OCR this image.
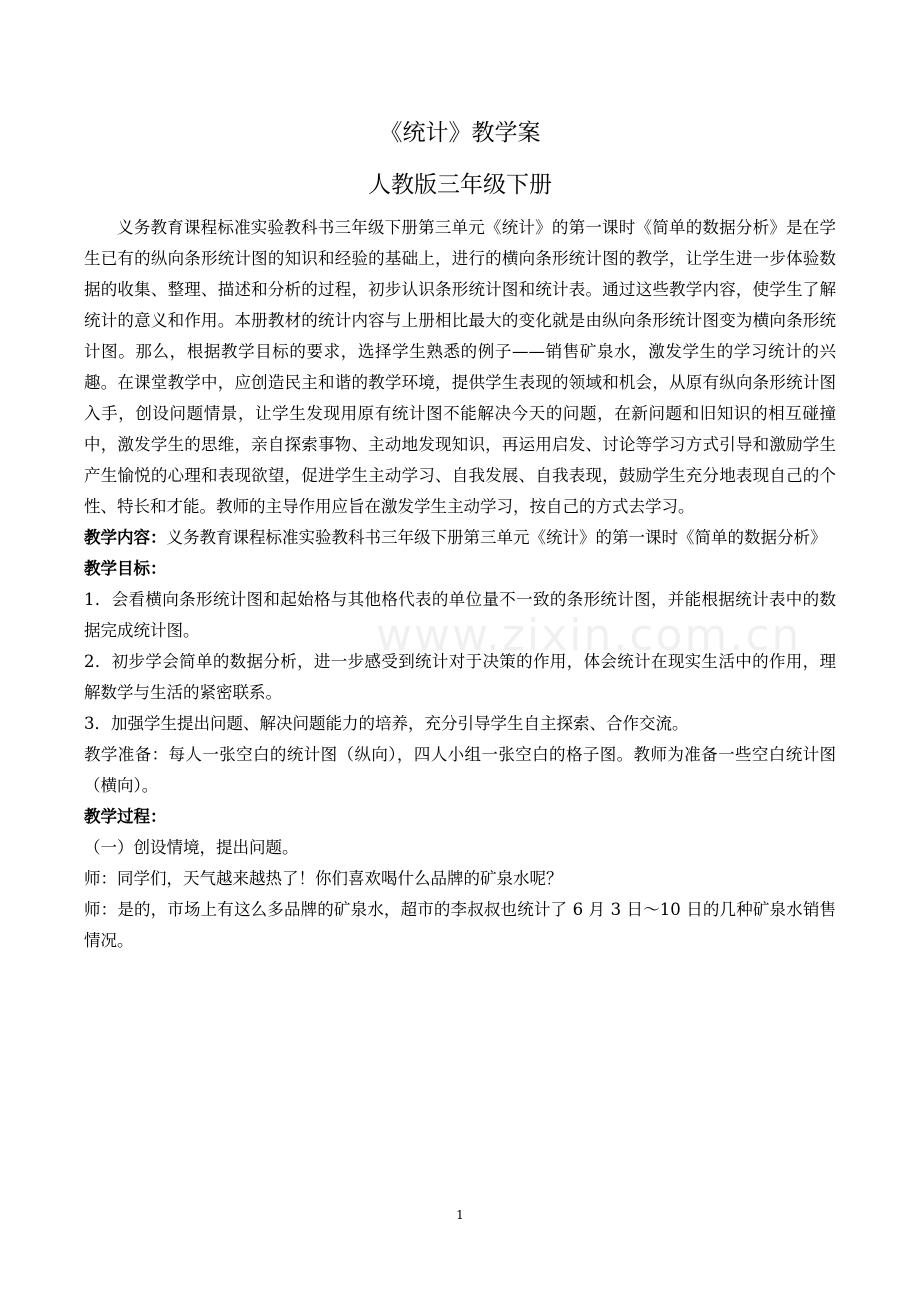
《统计》教学案
人教版三年级下册

义务教育课程标准实验教科书三年级下册第三单元《统计》的第一课时《简单的数据分析》是在学生已有的纵向条形统计图的知识和经验的基础上，进行的横向条形统计图的教学，让学生进一步体验数据的收集、整理、描述和分析的过程，初步认识条形统计图和统计表。通过这些教学内容，使学生了解统计的意义和作用。本册教材的统计内容与上册相比最大的变化就是由纵向条形统计图变为横向条形统计图。那么，根据教学目标的要求，选择学生熟悉的例子——销售矿泉水，激发学生的学习统计的兴趣。在课堂教学中，应创造民主和谐的教学环境，提供学生表现的领域和机会，从原有纵向条形统计图入手，创设问题情景，让学生发现用原有统计图不能解决今天的问题，在新问题和旧知识的相互碰撞中，激发学生的思维，亲自探索事物、主动地发现知识，再运用启发、讨论等学习方式引导和激励学生产生愉悦的心理和表现欲望，促进学生主动学习、自我发展、自我表现，鼓励学生充分地表现自己的个性、特长和才能。教师的主导作用应旨在激发学生主动学习，按自己的方式去学习。

教学内容：义务教育课程标准实验教科书三年级下册第三单元《统计》的第一课时《简单的数据分析》

教学目标：

1．会看横向条形统计图和起始格与其他格代表的单位量不一致的条形统计图，并能根据统计表中的数据完成统计图。

2．初步学会简单的数据分析，进一步感受到统计对于决策的作用，体会统计在现实生活中的作用，理解数学与生活的紧密联系。

3．加强学生提出问题、解决问题能力的培养，充分引导学生自主探索、合作交流。

教学准备：每人一张空白的统计图（纵向），四人小组一张空白的格子图。教师为准备一些空白统计图（横向）。

教学过程：

（一）创设情境，提出问题。

师：同学们，天气越来越热了！你们喜欢喝什么品牌的矿泉水呢？

师：是的，市场上有这么多品牌的矿泉水，超市的李叔叔也统计了 6 月 3 日～10 日的几种矿泉水销售情况。

www.zixin.com.cn
1
